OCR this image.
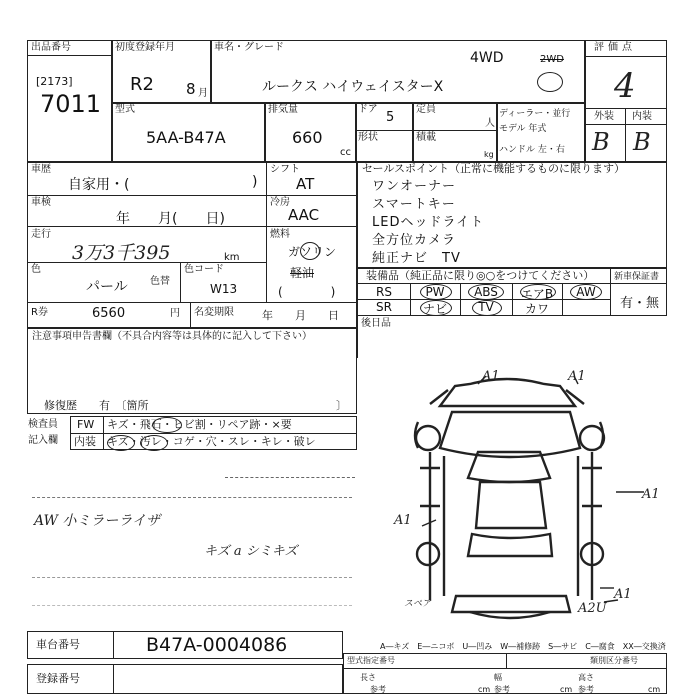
出品番号
[2173]
7011
初度登録年月
R2 8 月
車名・グレード
4WD	2WD
ルークス ハイウェイスターX
評価点
4
型式
5AA-B47A
排気量
660
cc
ドア
5
定員
人
形状	積載
kg
ディーラー・並行
モデル 年式
ハンドル 左・右
外装 内装
B B
車歴
自家用・(	)
シフト
AT
車検
年　　月(　　日)
冷房
AAC
走行
3万3千395	km
燃料
ガソリン
軽油
(　　　　)
色
パール 色替
色コード
W13
R券	6560	円 名変期限	年　　月　　日
セールスポイント（正常に機能するものに限ります）
ワンオーナー
スマートキー
LEDヘッドライト
全方位カメラ
純正ナビ　TV
装備品（純正品に限り◎○をつけてください） 新車保証書
有・無
RS	PW	ABS	エアB	AW
SR	ナビ	TV	カワ
後日品
注意事項申告書欄（不具合内容等は具体的に記入して下さい）
修復歴　　有　〔箇所	〕
検査員
記入欄
FW キズ・飛石・ヒビ割・リペア跡・×要
内装 キズ・汚レ・コゲ・穴・スレ・キレ・破レ
AW 小ミラーライザ
キズ a シミキズ
A1	A1
A1
A1
A1
A2U
スペア
A―キズ　E―ニコボ　U―凹み　W―補修跡　S―サビ　C―腐食　XX―交換済
車台番号	B47A-0004086
登録番号
型式指定番号	類別区分番号
長さ
参考	cm
幅
参考	cm
高さ
参考	cm
